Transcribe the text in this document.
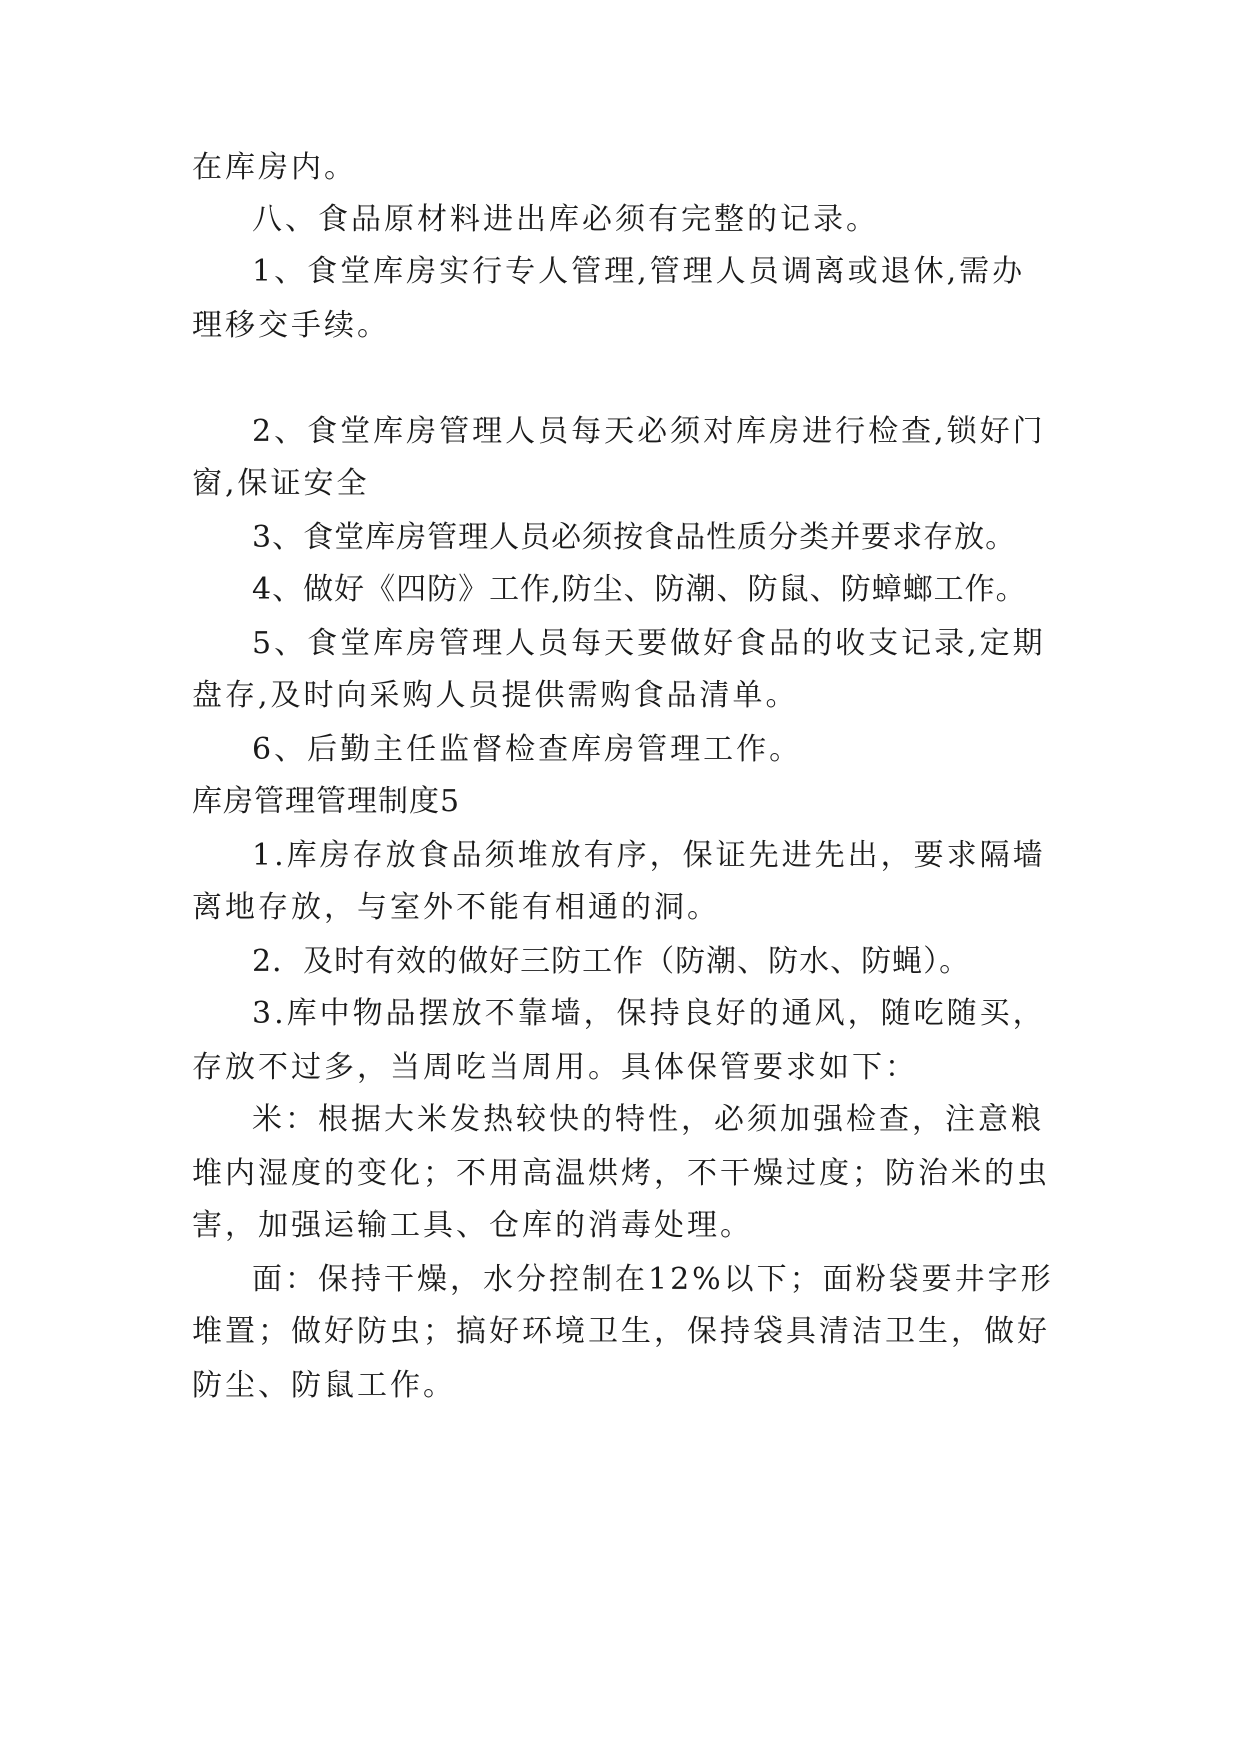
在库房内。
八、食品原材料进出库必须有完整的记录。
1、食堂库房实行专人管理,管理人员调离或退休,需办
理移交手续。
2、食堂库房管理人员每天必须对库房进行检查,锁好门
窗,保证安全
3、食堂库房管理人员必须按食品性质分类并要求存放。
4、做好《四防》工作,防尘、防潮、防鼠、防蟑螂工作。
5、食堂库房管理人员每天要做好食品的收支记录,定期
盘存,及时向采购人员提供需购食品清单。
6、后勤主任监督检查库房管理工作。
库房管理管理制度5
1.库房存放食品须堆放有序，保证先进先出，要求隔墙
离地存放，与室外不能有相通的洞。
2．及时有效的做好三防工作（防潮、防水、防蝇）。
3.库中物品摆放不靠墙，保持良好的通风，随吃随买，
存放不过多，当周吃当周用。具体保管要求如下：
米：根据大米发热较快的特性，必须加强检查，注意粮
堆内湿度的变化；不用高温烘烤，不干燥过度；防治米的虫
害，加强运输工具、仓库的消毒处理。
面：保持干燥，水分控制在12%以下；面粉袋要井字形
堆置；做好防虫；搞好环境卫生，保持袋具清洁卫生，做好
防尘、防鼠工作。
